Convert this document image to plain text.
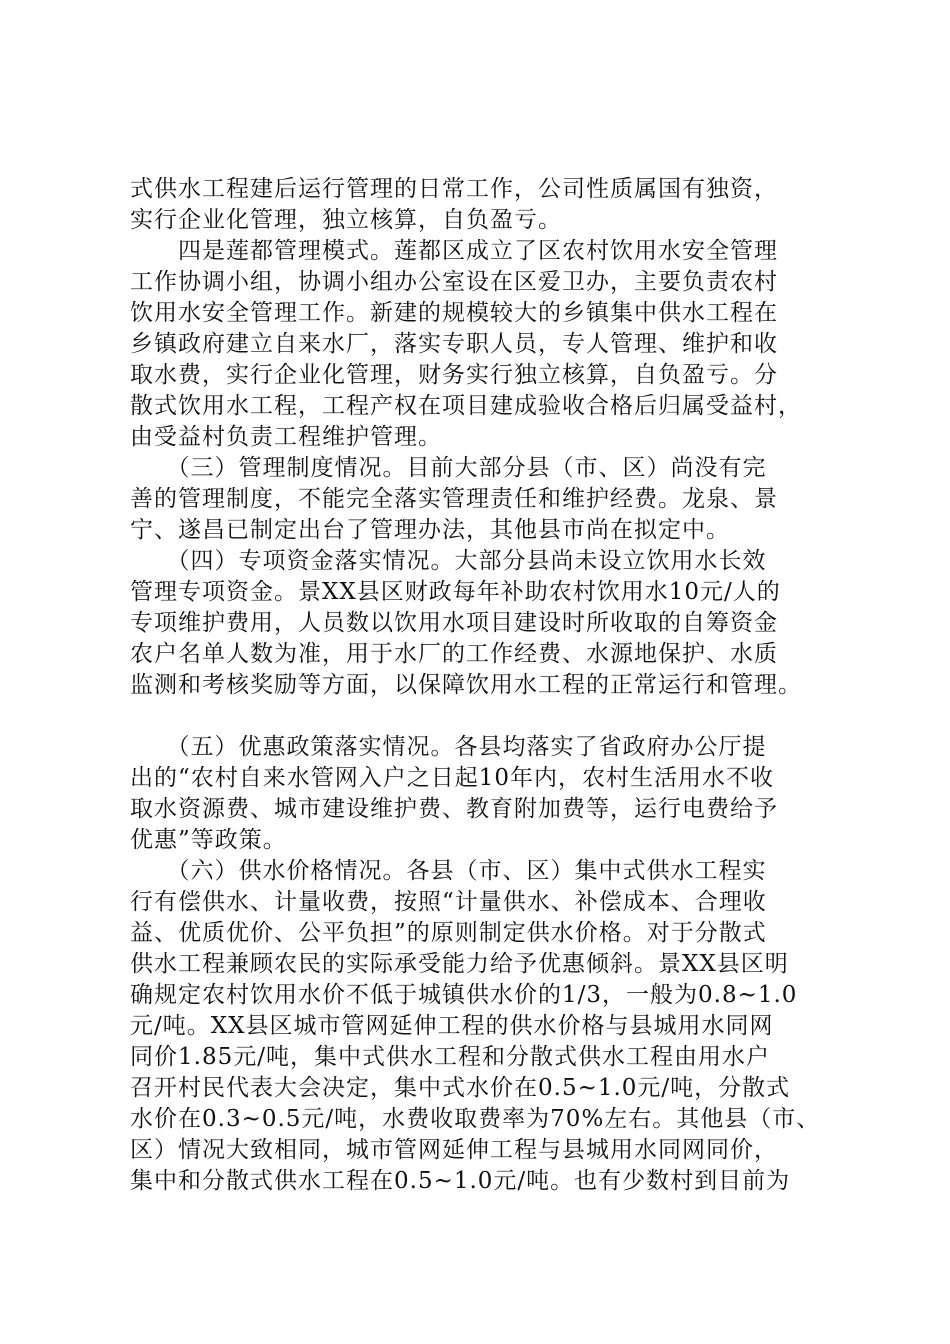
式供水工程建后运行管理的日常工作，公司性质属国有独资，
实行企业化管理，独立核算，自负盈亏。
　　四是莲都管理模式。莲都区成立了区农村饮用水安全管理
工作协调小组，协调小组办公室设在区爱卫办，主要负责农村
饮用水安全管理工作。新建的规模较大的乡镇集中供水工程在
乡镇政府建立自来水厂，落实专职人员，专人管理、维护和收
取水费，实行企业化管理，财务实行独立核算，自负盈亏。分
散式饮用水工程，工程产权在项目建成验收合格后归属受益村，
由受益村负责工程维护管理。
　　（三）管理制度情况。目前大部分县（市、区）尚没有完
善的管理制度，不能完全落实管理责任和维护经费。龙泉、景
宁、遂昌已制定出台了管理办法，其他县市尚在拟定中。
　　（四）专项资金落实情况。大部分县尚未设立饮用水长效
管理专项资金。景XX县区财政每年补助农村饮用水10元/人的
专项维护费用，人员数以饮用水项目建设时所收取的自筹资金
农户名单人数为准，用于水厂的工作经费、水源地保护、水质
监测和考核奖励等方面，以保障饮用水工程的正常运行和管理。
　　（五）优惠政策落实情况。各县均落实了省政府办公厅提
出的“农村自来水管网入户之日起10年内，农村生活用水不收
取水资源费、城市建设维护费、教育附加费等，运行电费给予
优惠”等政策。
　　（六）供水价格情况。各县（市、区）集中式供水工程实
行有偿供水、计量收费，按照“计量供水、补偿成本、合理收
益、优质优价、公平负担”的原则制定供水价格。对于分散式
供水工程兼顾农民的实际承受能力给予优惠倾斜。景XX县区明
确规定农村饮用水价不低于城镇供水价的1/3，一般为0.8~1.0
元/吨。XX县区城市管网延伸工程的供水价格与县城用水同网
同价1.85元/吨，集中式供水工程和分散式供水工程由用水户
召开村民代表大会决定，集中式水价在0.5~1.0元/吨，分散式
水价在0.3~0.5元/吨，水费收取费率为70%左右。其他县（市、
区）情况大致相同，城市管网延伸工程与县城用水同网同价，
集中和分散式供水工程在0.5~1.0元/吨。也有少数村到目前为
